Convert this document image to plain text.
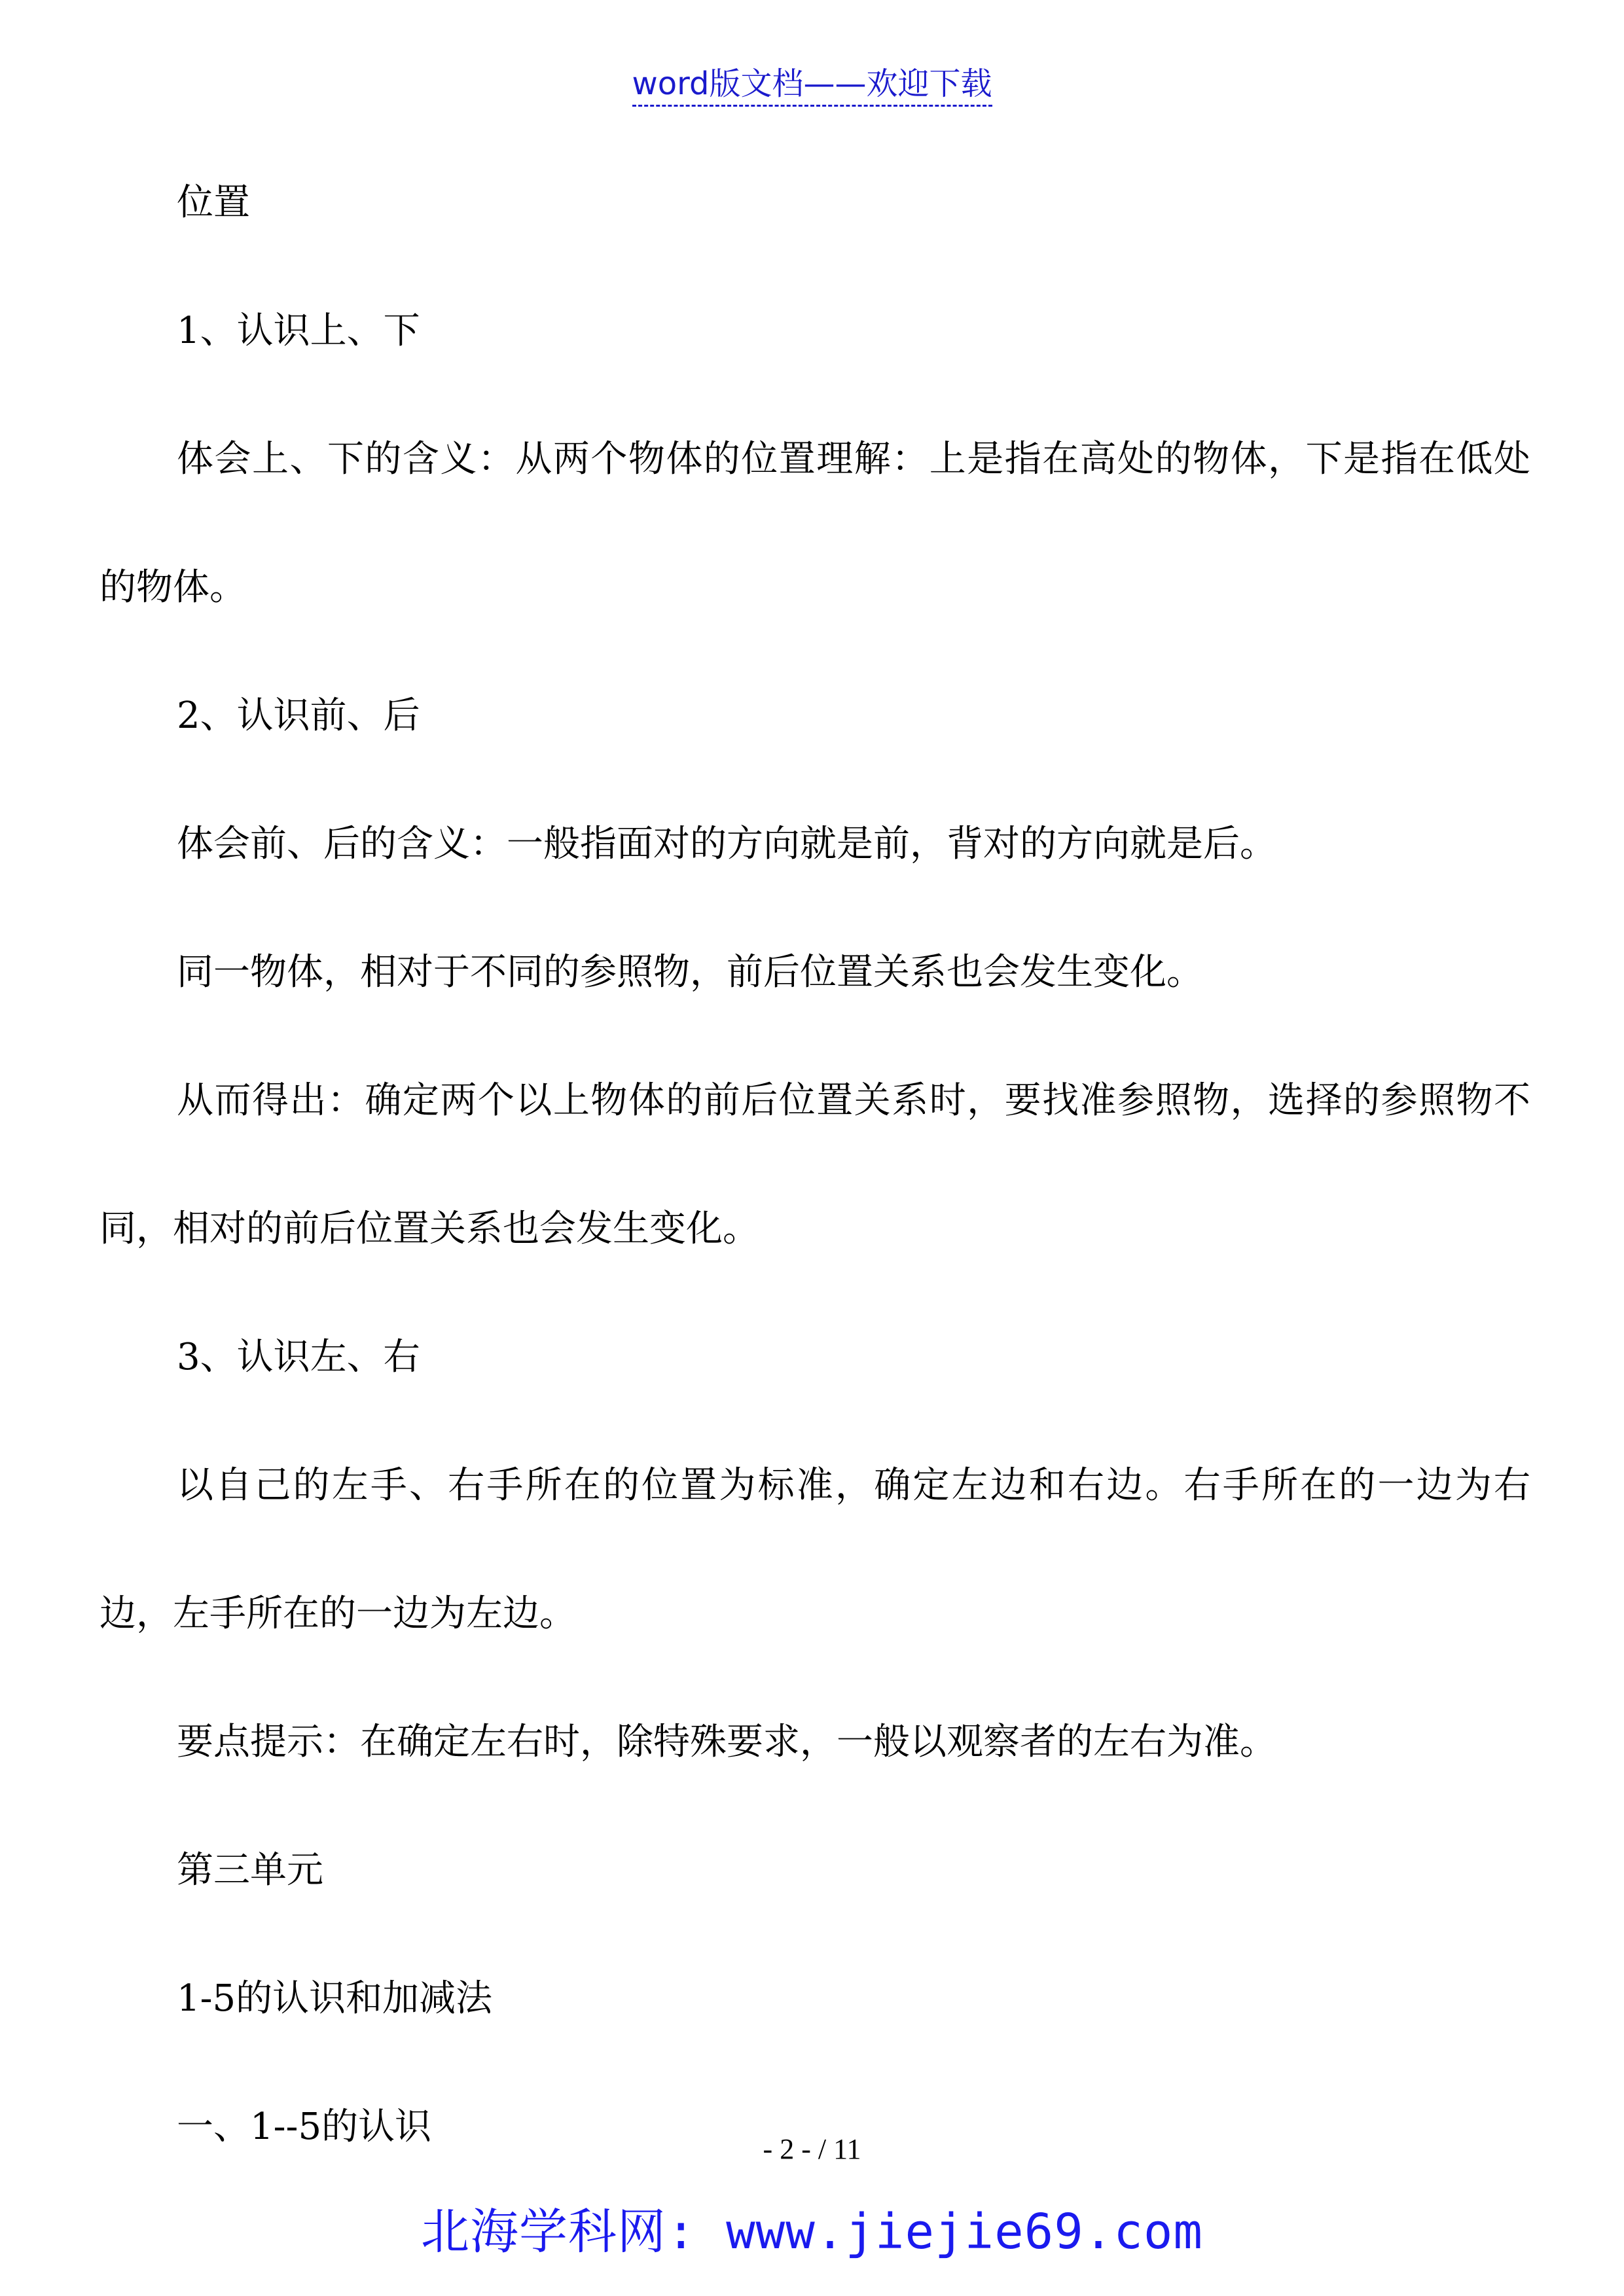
word版文档——欢迎下载

位置

1、认识上、下

体会上、下的含义：从两个物体的位置理解：上是指在高处的物体，下是指在低处的物体。

2、认识前、后

体会前、后的含义：一般指面对的方向就是前，背对的方向就是后。

同一物体，相对于不同的参照物，前后位置关系也会发生变化。

从而得出：确定两个以上物体的前后位置关系时，要找准参照物，选择的参照物不同，相对的前后位置关系也会发生变化。

3、认识左、右

以自己的左手、右手所在的位置为标准，确定左边和右边。右手所在的一边为右边，左手所在的一边为左边。

要点提示：在确定左右时，除特殊要求，一般以观察者的左右为准。

第三单元

1-5的认识和加减法

一、1--5的认识

- 2 - / 11
北海学科网: www.jiejie69.com
